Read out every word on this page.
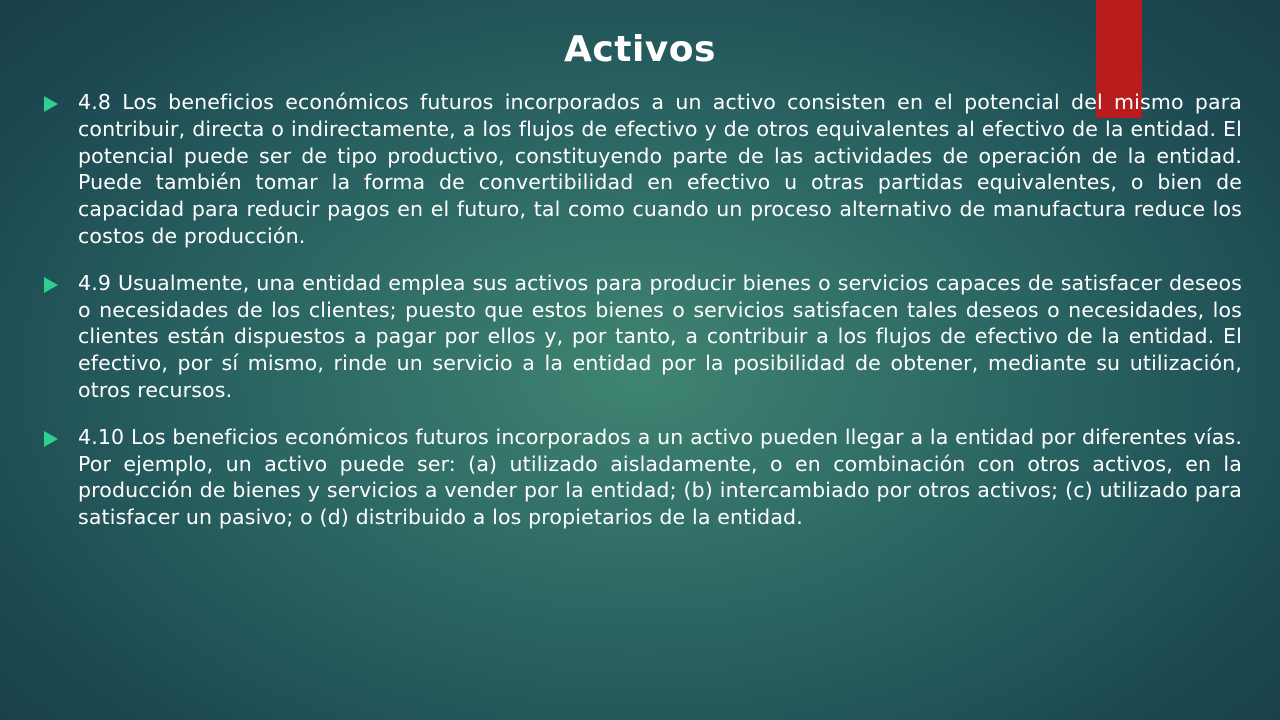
Activos
4.8 Los beneficios económicos futuros incorporados a un activo consisten en el potencial del mismo para contribuir, directa o indirectamente, a los flujos de efectivo y de otros equivalentes al efectivo de la entidad. El potencial puede ser de tipo productivo, constituyendo parte de las actividades de operación de la entidad. Puede también tomar la forma de convertibilidad en efectivo u otras partidas equivalentes, o bien de capacidad para reducir pagos en el futuro, tal como cuando un proceso alternativo de manufactura reduce los costos de producción.
4.9 Usualmente, una entidad emplea sus activos para producir bienes o servicios capaces de satisfacer deseos o necesidades de los clientes; puesto que estos bienes o servicios satisfacen tales deseos o necesidades, los clientes están dispuestos a pagar por ellos y, por tanto, a contribuir a los flujos de efectivo de la entidad. El efectivo, por sí mismo, rinde un servicio a la entidad por la posibilidad de obtener, mediante su utilización, otros recursos.
4.10 Los beneficios económicos futuros incorporados a un activo pueden llegar a la entidad por diferentes vías. Por ejemplo, un activo puede ser: (a) utilizado aisladamente, o en combinación con otros activos, en la producción de bienes y servicios a vender por la entidad; (b) intercambiado por otros activos; (c) utilizado para satisfacer un pasivo; o (d) distribuido a los propietarios de la entidad.
